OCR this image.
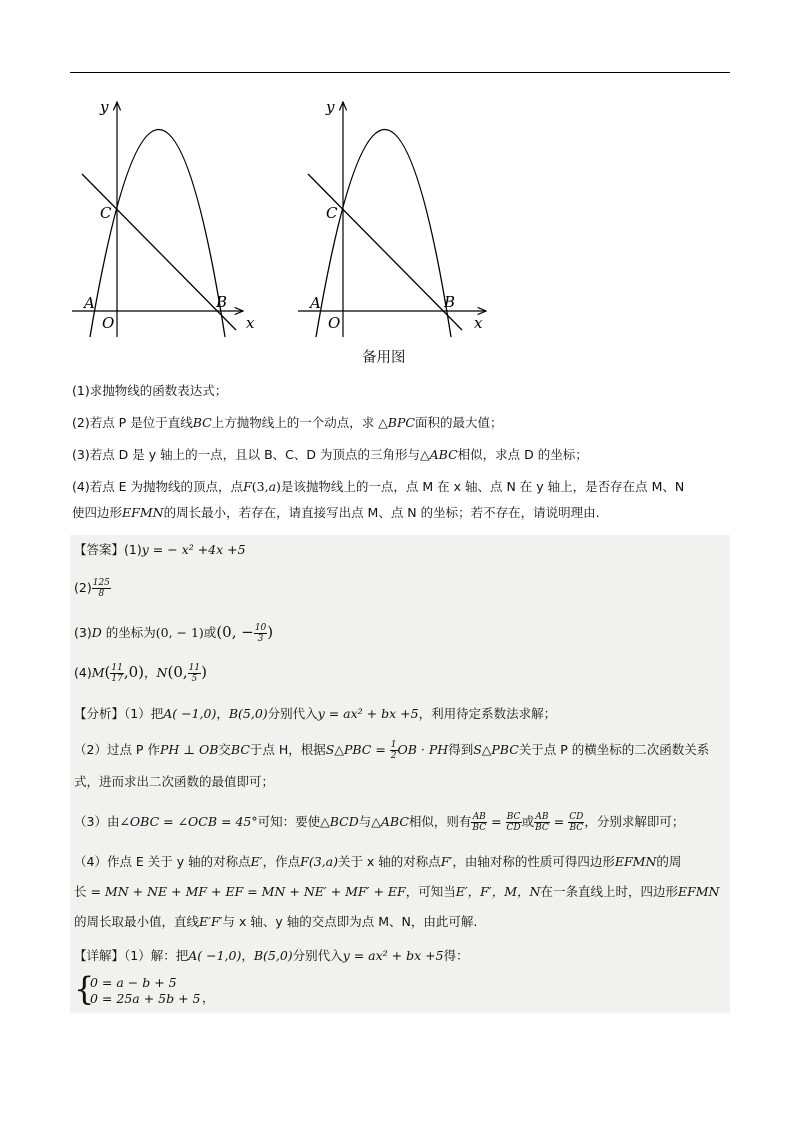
y
C
A	B
O	x
y
C
A	B
O	x
备用图
(1)求抛物线的函数表达式；
(2)若点 P 是位于直线BC上方抛物线上的一个动点，求 △BPC面积的最大值；
(3)若点 D 是 y 轴上的一点，且以 B、C、D 为顶点的三角形与△ABC相似，求点 D 的坐标；
(4)若点 E 为抛物线的顶点，点F(3,a)是该抛物线上的一点，点 M 在 x 轴、点 N 在 y 轴上，是否存在点 M、N
使四边形EFMN的周长最小，若存在，请直接写出点 M、点 N 的坐标；若不存在，请说明理由.
【答案】(1)y = − x² +4x +5
$(2) \frac{125}{8}$
(3)D 的坐标为(0, − 1)或(0, − $\frac{10}{3}$ )
$(4)M( \frac{11}{17} ,0)$，N(0, $\frac{11}{5}$ )
【分析】（1）把A( −1,0)，B(5,0)分别代入y = ax² + bx +5，利用待定系数法求解；
（2）过点 P 作PH ⊥ OB交BC于点 H，根据S△PBC = $\frac{1}{2}$ OB · PH得到S△PBC关于点 P 的横坐标的二次函数关系
式，进而求出二次函数的最值即可；
（3）由∠OBC = ∠OCB = 45°可知：要使△BCD与△ABC相似，则有 $\frac{AB}{BC} = \frac{BC}{CD}$ 或 $\frac{AB}{BC} = \frac{CD}{BC}$ ，分别求解即可；
（4）作点 E 关于 y 轴的对称点E′，作点F(3,a)关于 x 轴的对称点F′，由轴对称的性质可得四边形EFMN的周
长 = MN + NE + MF + EF = MN + NE′ + MF′ + EF，可知当E′，F′，M，N在一条直线上时，四边形EFMN
的周长取最小值，直线E′F′与 x 轴、y 轴的交点即为点 M、N，由此可解.
【详解】（1）解：把A( −1,0)，B(5,0)分别代入y = ax² + bx +5得：
{
0 = a − b + 5
0 = 25a + 5b + 5 ，
